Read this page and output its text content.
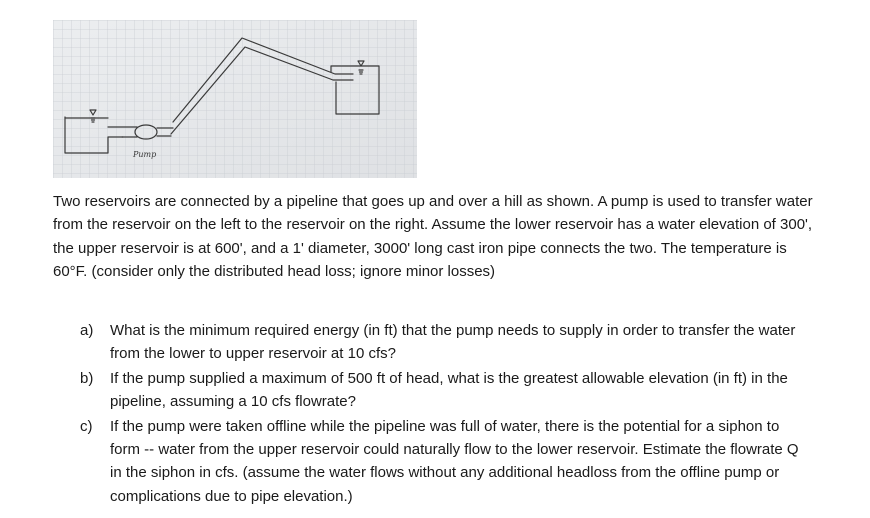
Pump

Two reservoirs are connected by a pipeline that goes up and over a hill as shown. A pump is used to transfer water from the reservoir on the left to the reservoir on the right. Assume the lower reservoir has a water elevation of 300', the upper reservoir is at 600', and a 1' diameter, 3000' long cast iron pipe connects the two. The temperature is 60°F. (consider only the distributed head loss; ignore minor losses)

a)	What is the minimum required energy (in ft) that the pump needs to supply in order to transfer the water from the lower to upper reservoir at 10 cfs?
b)	If the pump supplied a maximum of 500 ft of head, what is the greatest allowable elevation (in ft) in the pipeline, assuming a 10 cfs flowrate?
c)	If the pump were taken offline while the pipeline was full of water, there is the potential for a siphon to form -- water from the upper reservoir could naturally flow to the lower reservoir. Estimate the flowrate Q in the siphon in cfs. (assume the water flows without any additional headloss from the offline pump or complications due to pipe elevation.)
